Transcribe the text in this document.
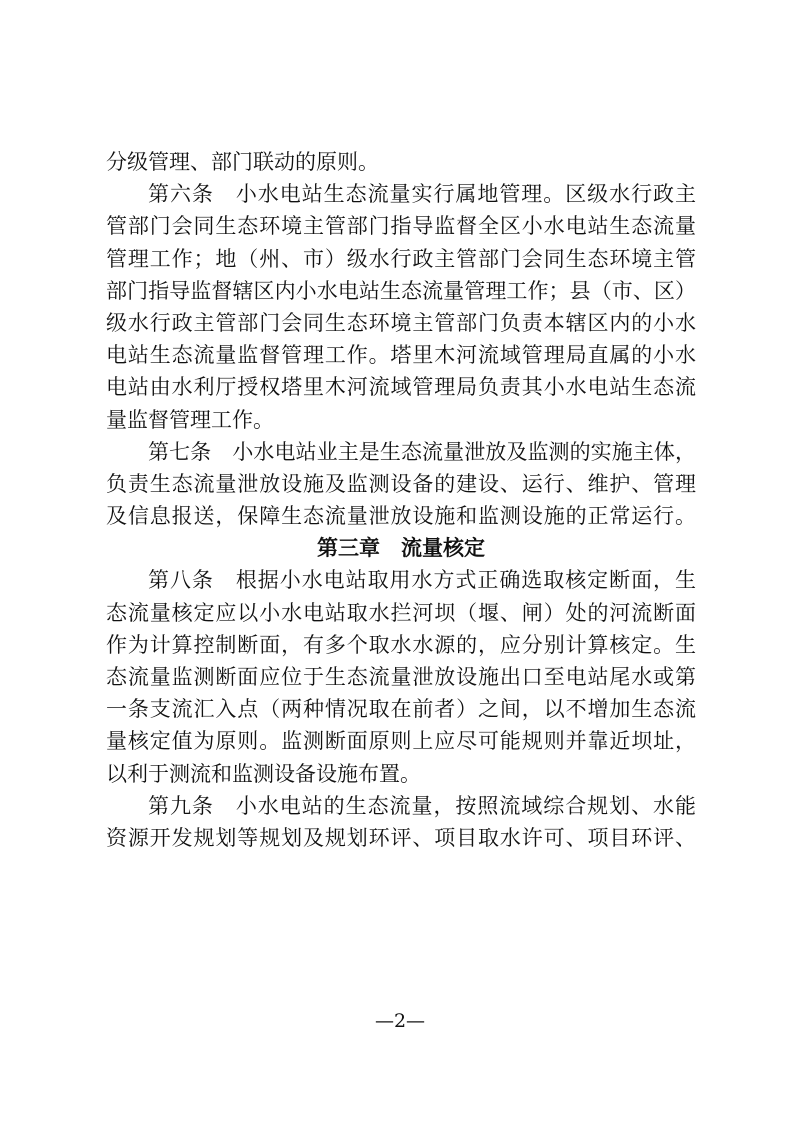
分级管理、部门联动的原则。
第六条　小水电站生态流量实行属地管理。区级水行政主
管部门会同生态环境主管部门指导监督全区小水电站生态流量
管理工作；地（州、市）级水行政主管部门会同生态环境主管
部门指导监督辖区内小水电站生态流量管理工作；县（市、区）
级水行政主管部门会同生态环境主管部门负责本辖区内的小水
电站生态流量监督管理工作。塔里木河流域管理局直属的小水
电站由水利厅授权塔里木河流域管理局负责其小水电站生态流
量监督管理工作。
第七条　小水电站业主是生态流量泄放及监测的实施主体，
负责生态流量泄放设施及监测设备的建设、运行、维护、管理
及信息报送，保障生态流量泄放设施和监测设施的正常运行。
第三章　流量核定
第八条　根据小水电站取用水方式正确选取核定断面，生
态流量核定应以小水电站取水拦河坝（堰、闸）处的河流断面
作为计算控制断面，有多个取水水源的，应分别计算核定。生
态流量监测断面应位于生态流量泄放设施出口至电站尾水或第
一条支流汇入点（两种情况取在前者）之间，以不增加生态流
量核定值为原则。监测断面原则上应尽可能规则并靠近坝址，
以利于测流和监测设备设施布置。
第九条　小水电站的生态流量，按照流域综合规划、水能
资源开发规划等规划及规划环评、项目取水许可、项目环评、
—2—
